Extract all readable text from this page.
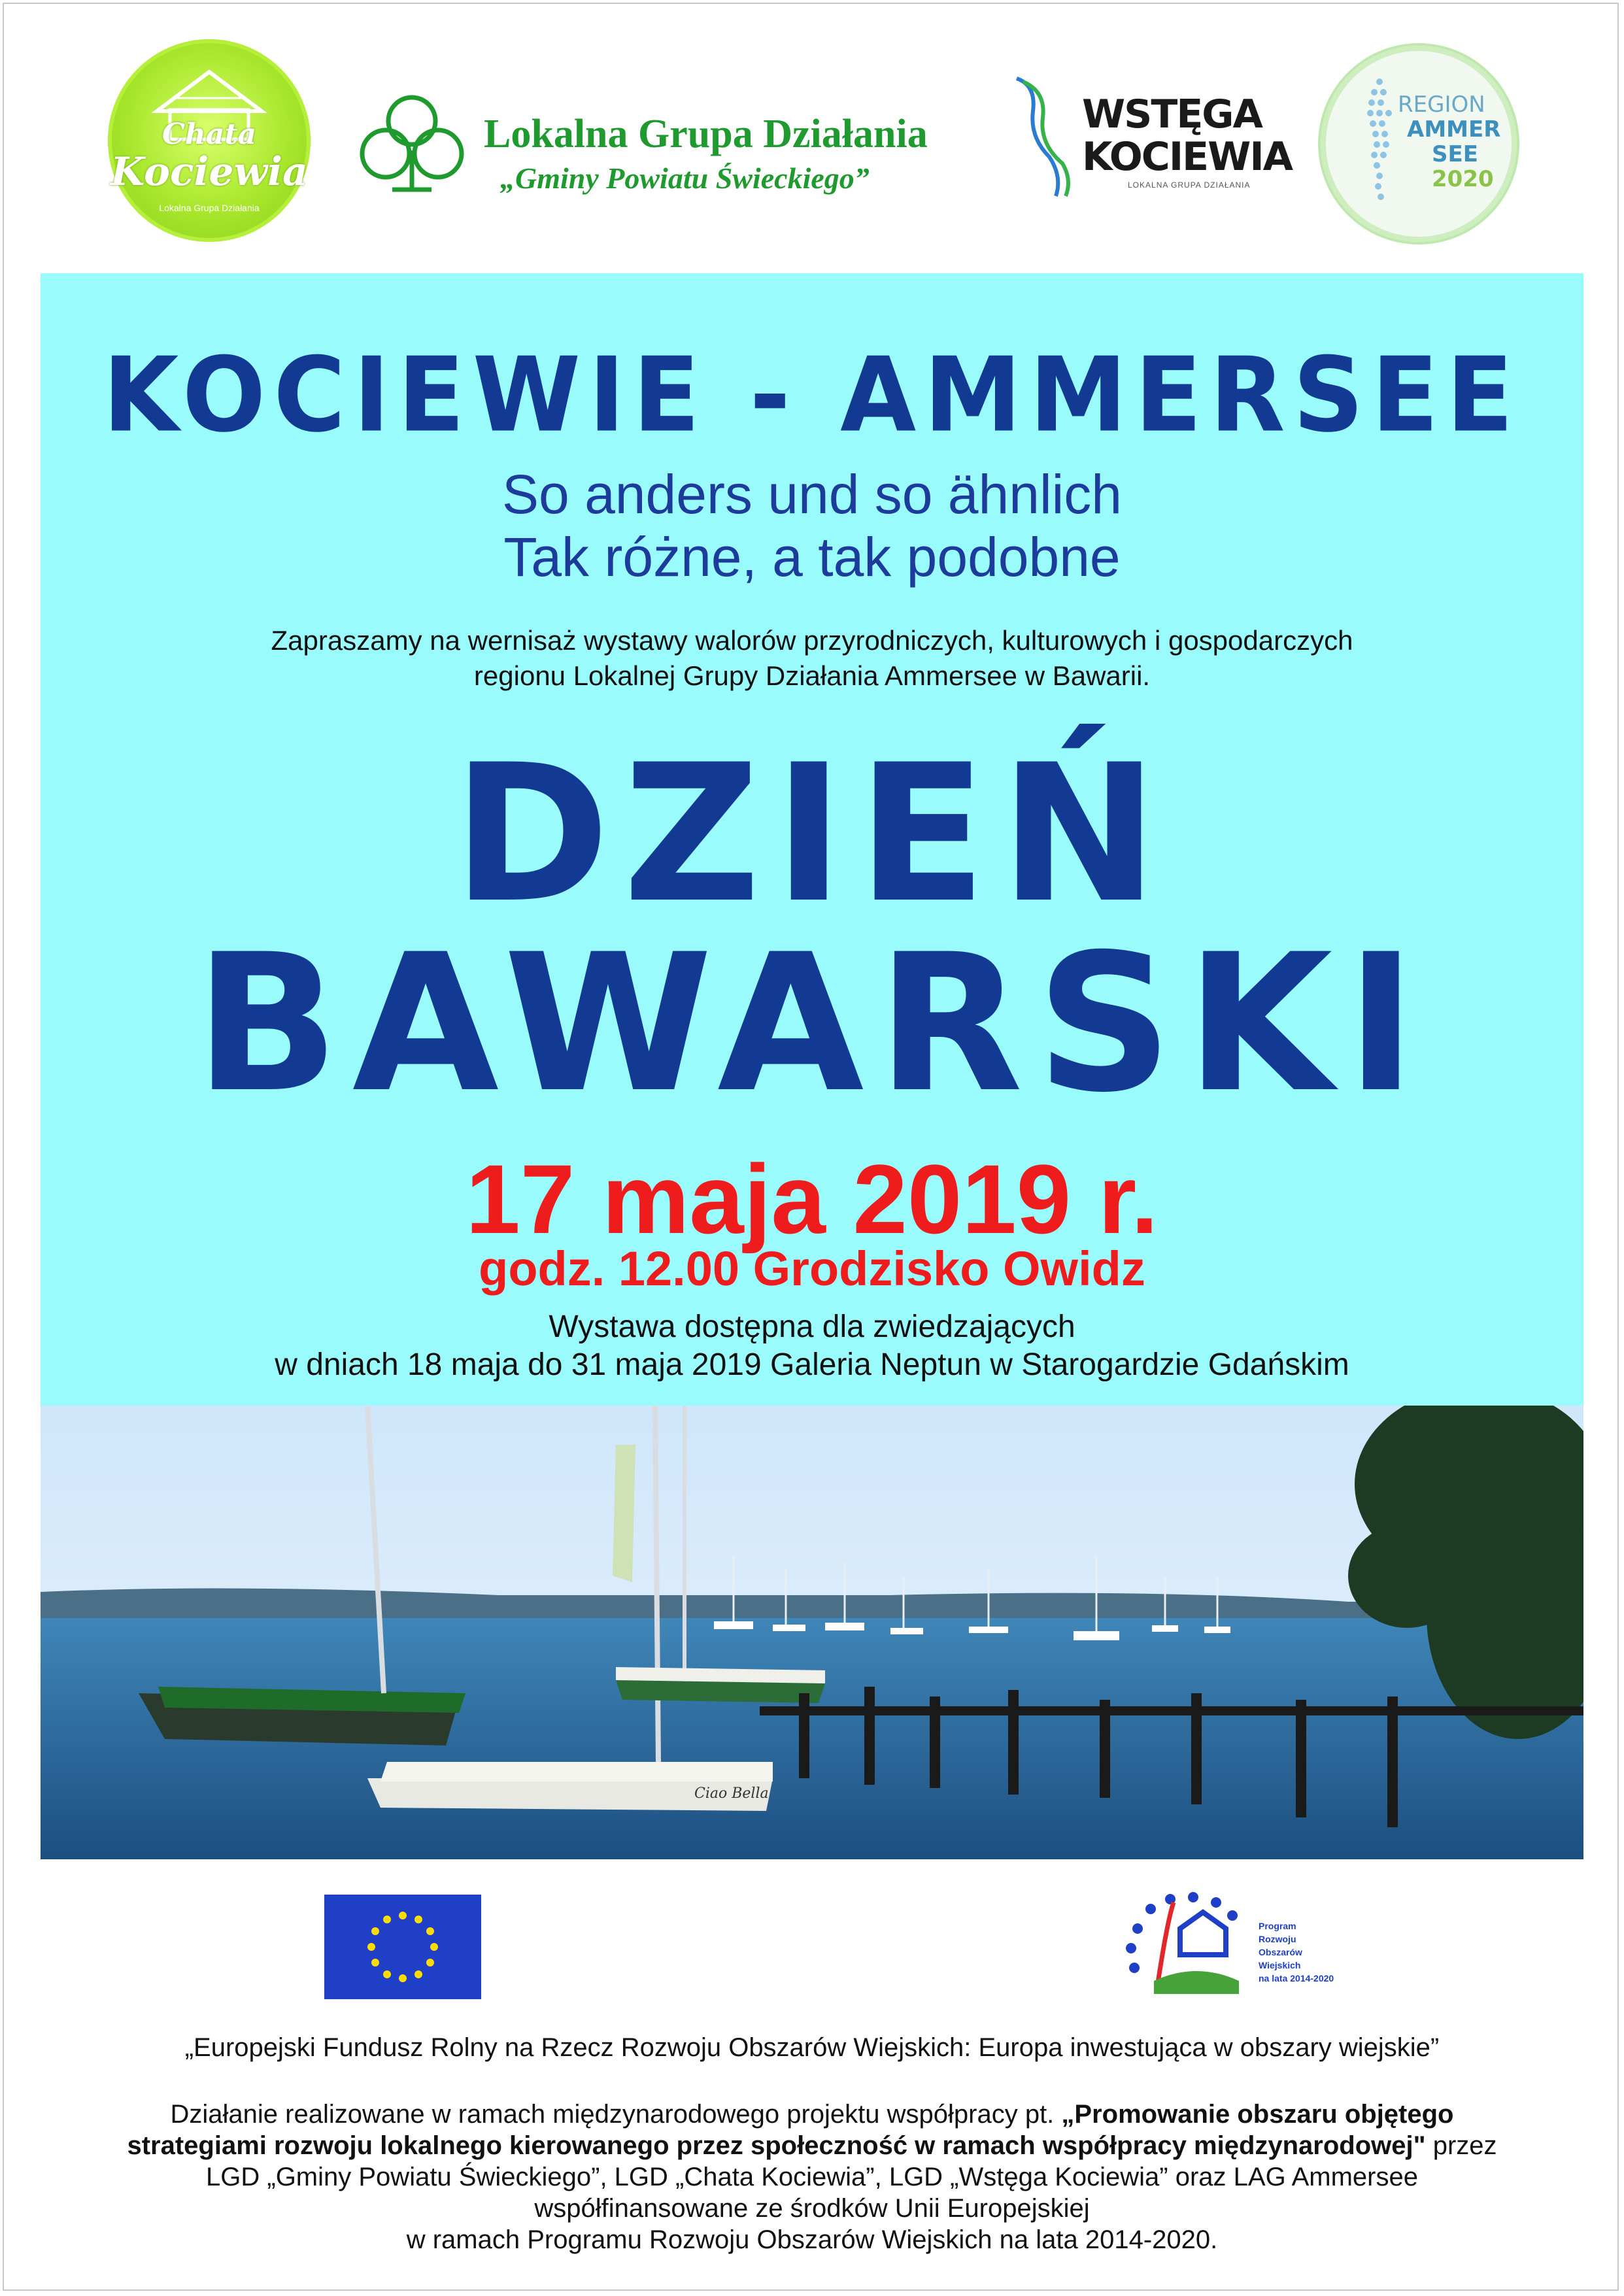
Chata
Kociewia
Lokalna Grupa Działania
Lokalna Grupa Działania
„Gminy Powiatu Świeckiego”
WSTĘGA
KOCIEWIA
LOKALNA GRUPA DZIAŁANIA
REGION
AMMER
SEE
2020
KOCIEWIE - AMMERSEE
So anders und so ähnlich
Tak różne, a tak podobne
Zapraszamy na wernisaż wystawy walorów przyrodniczych, kulturowych i gospodarczych
regionu Lokalnej Grupy Działania Ammersee w Bawarii.
DZIEŃ
BAWARSKI
17 maja 2019 r.
godz. 12.00 Grodzisko Owidz
Wystawa dostępna dla zwiedzających
w dniach 18 maja do 31 maja 2019 Galeria Neptun w Starogardzie Gdańskim
Ciao Bella
Program
Rozwoju
Obszarów
Wiejskich
na lata 2014-2020
„Europejski Fundusz Rolny na Rzecz Rozwoju Obszarów Wiejskich: Europa inwestująca w obszary wiejskie”
Działanie realizowane w ramach międzynarodowego projektu współpracy pt. „Promowanie obszaru objętego
strategiami rozwoju lokalnego kierowanego przez społeczność w ramach współpracy międzynarodowej" przez
LGD „Gminy Powiatu Świeckiego”, LGD „Chata Kociewia”, LGD „Wstęga Kociewia” oraz LAG Ammersee
współfinansowane ze środków Unii Europejskiej
w ramach Programu Rozwoju Obszarów Wiejskich na lata 2014-2020.
